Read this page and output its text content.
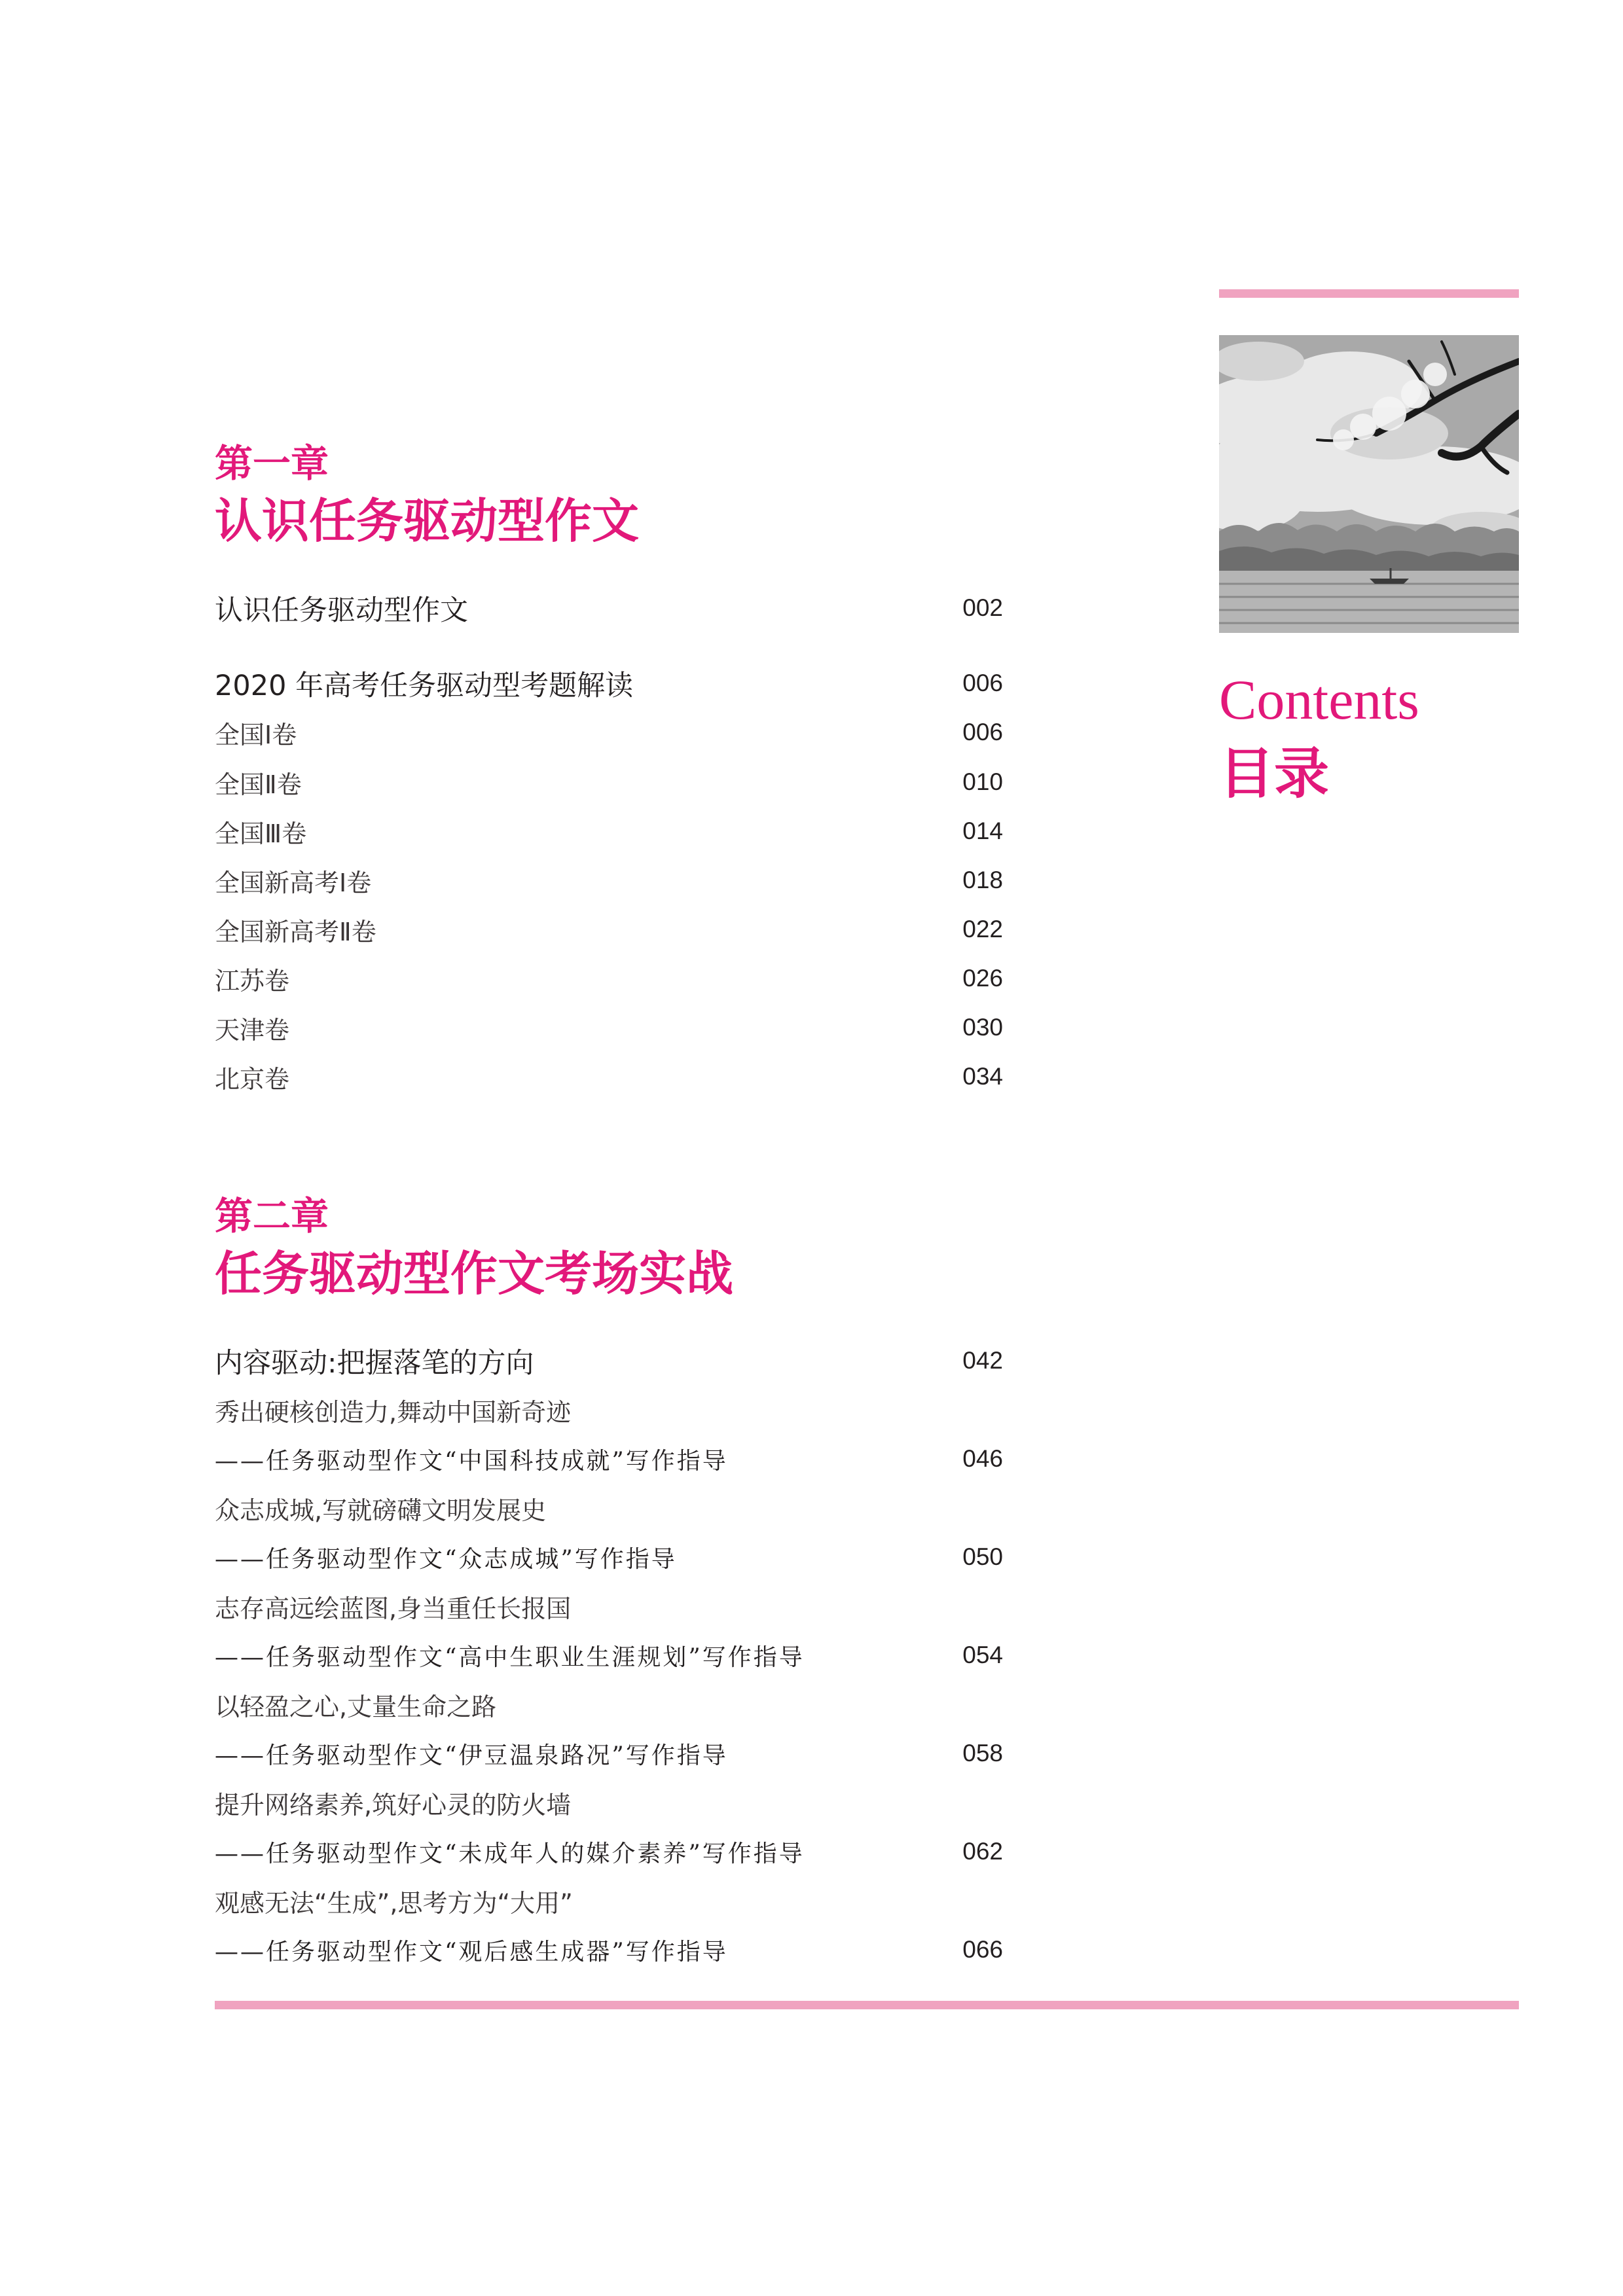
Contents
目录
第一章
认识任务驱动型作文
认识任务驱动型作文	002
2020 年高考任务驱动型考题解读	006
全国Ⅰ卷	006
全国Ⅱ卷	010
全国Ⅲ卷	014
全国新高考Ⅰ卷	018
全国新高考Ⅱ卷	022
江苏卷	026
天津卷	030
北京卷	034
第二章
任务驱动型作文考场实战
内容驱动:把握落笔的方向	042
秀出硬核创造力,舞动中国新奇迹
——任务驱动型作文“中国科技成就”写作指导	046
众志成城,写就磅礴文明发展史
——任务驱动型作文“众志成城”写作指导	050
志存高远绘蓝图,身当重任长报国
——任务驱动型作文“高中生职业生涯规划”写作指导	054
以轻盈之心,丈量生命之路
——任务驱动型作文“伊豆温泉路况”写作指导	058
提升网络素养,筑好心灵的防火墙
——任务驱动型作文“未成年人的媒介素养”写作指导	062
观感无法“生成”,思考方为“大用”
——任务驱动型作文“观后感生成器”写作指导	066
